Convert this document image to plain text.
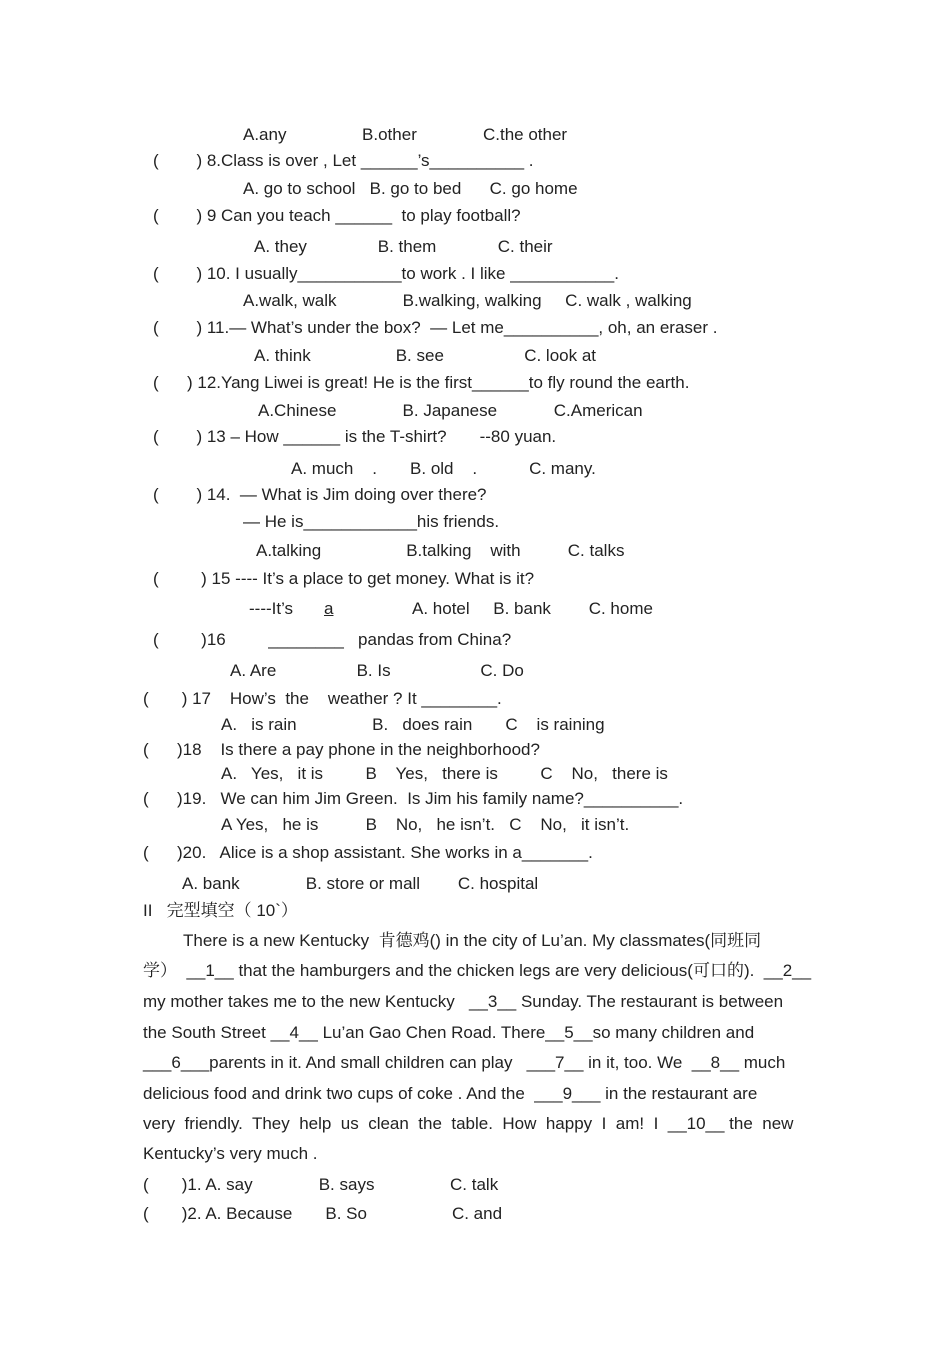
A.any                B.other              C.the other
(        ) 8.Class is over , Let ______’s__________ .
A. go to school   B. go to bed      C. go home
(        ) 9 Can you teach ______  to play football?
A. they               B. them             C. their
(        ) 10. I usually___________to work . I like ___________.
A.walk, walk              B.walking, walking     C. walk , walking
(        ) 11.— What’s under the box?  — Let me__________, oh, an eraser .
A. think                  B. see                 C. look at
(      ) 12.Yang Liwei is great! He is the first______to fly round the earth.
A.Chinese              B. Japanese            C.American
(        ) 13 – How ______ is the T-shirt?       --80 yuan.
A. much    .       B. old    .           C. many.
(        ) 14.  — What is Jim doing over there?
— He is____________his friends.
A.talking                  B.talking    with          C. talks
(         ) 15 ---- It’s a place to get money. What is it?
----It’s a	A. hotel     B. bank        C. home
(         )16         ________   pandas from China?
A. Are                 B. Is                   C. Do
(       ) 17    How’s  the    weather ? It ________.
A.   is rain                B.   does rain       C    is raining
(      )18    Is there a pay phone in the neighborhood?
A.   Yes,   it is         B    Yes,   there is         C    No,   there is
(      )19.   We can him Jim Green.  Is Jim his family name?__________.
A Yes,   he is          B    No,   he isn’t.   C    No,   it isn’t.
(      )20.   Alice is a shop assistant. She works in a_______.
A. bank              B. store or mall        C. hospital
II   完型填空（ 10`）
There is a new Kentucky  肯德鸡() in the city of Lu’an. My classmates(同班同
学）  __1__ that the hamburgers and the chicken legs are very delicious(可口的).  __2__
my mother takes me to the new Kentucky   __3__ Sunday. The restaurant is between
the South Street __4__ Lu’an Gao Chen Road. There__5__so many children and
___6___parents in it. And small children can play   ___7__ in it, too. We  __8__ much
delicious food and drink two cups of coke . And the  ___9___ in the restaurant are
very  friendly.  They  help  us  clean  the  table.  How  happy  I  am!  I  __10__ the  new
Kentucky’s very much .
(       )1. A. say              B. says                C. talk
(       )2. A. Because       B. So                  C. and
